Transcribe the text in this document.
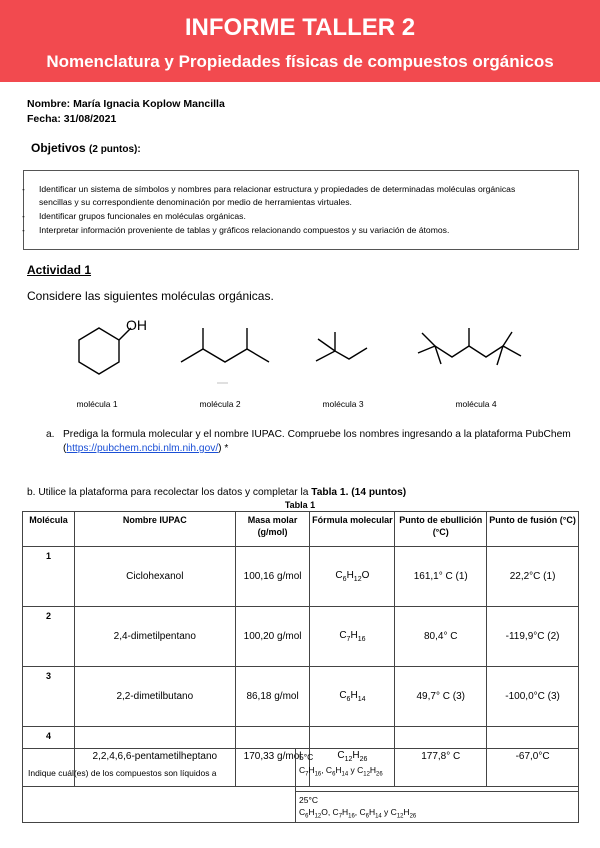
INFORME TALLER 2
Nomenclatura y Propiedades físicas de compuestos orgánicos
Nombre: María Ignacia Koplow Mancilla
Fecha: 31/08/2021
Objetivos (2 puntos):
- Identificar un sistema de símbolos y nombres para relacionar estructura y propiedades de determinadas moléculas orgánicas sencillas y su correspondiente denominación por medio de herramientas virtuales.
- Identificar grupos funcionales en moléculas orgánicas.
- Interpretar información proveniente de tablas y gráficos relacionando compuestos y su variación de átomos.
Actividad 1
Considere las siguientes moléculas orgánicas.
OH
molécula 1	molécula 2	molécula 3	molécula 4
a. Prediga la formula molecular y el nombre IUPAC. Compruebe los nombres ingresando a la plataforma PubChem (https://pubchem.ncbi.nlm.nih.gov/) *
b. Utilice la plataforma para recolectar los datos y completar la Tabla 1. (14 puntos)
Tabla 1
Molécula	Nombre IUPAC	Masa molar (g/mol)	Fórmula molecular	Punto de ebullición (°C)	Punto de fusión (°C)
1	Ciclohexanol	100,16 g/mol	$C_6H_{12}O$	161,1° C (1)	22,2°C (1)
2	2,4-dimetilpentano	100,20 g/mol	$C_7H_{16}$	80,4° C	-119,9°C (2)
3	2,2-dimetilbutano	86,18 g/mol	$C_6H_{14}$	49,7° C (3)	-100,0°C (3)
4	2,2,4,6,6-pentametilheptano	170,33 g/mol	$C_{12}H_{26}$	177,8° C	-67,0°C
Indique cuál(es) de los compuestos son líquidos a
5°C
$C_7H_{16}$, $C_6H_{14}$ y $C_{12}H_{26}$
25°C
$C_6H_{12}O$, $C_7H_{16}$, $C_6H_{14}$ y $C_{12}H_{26}$
